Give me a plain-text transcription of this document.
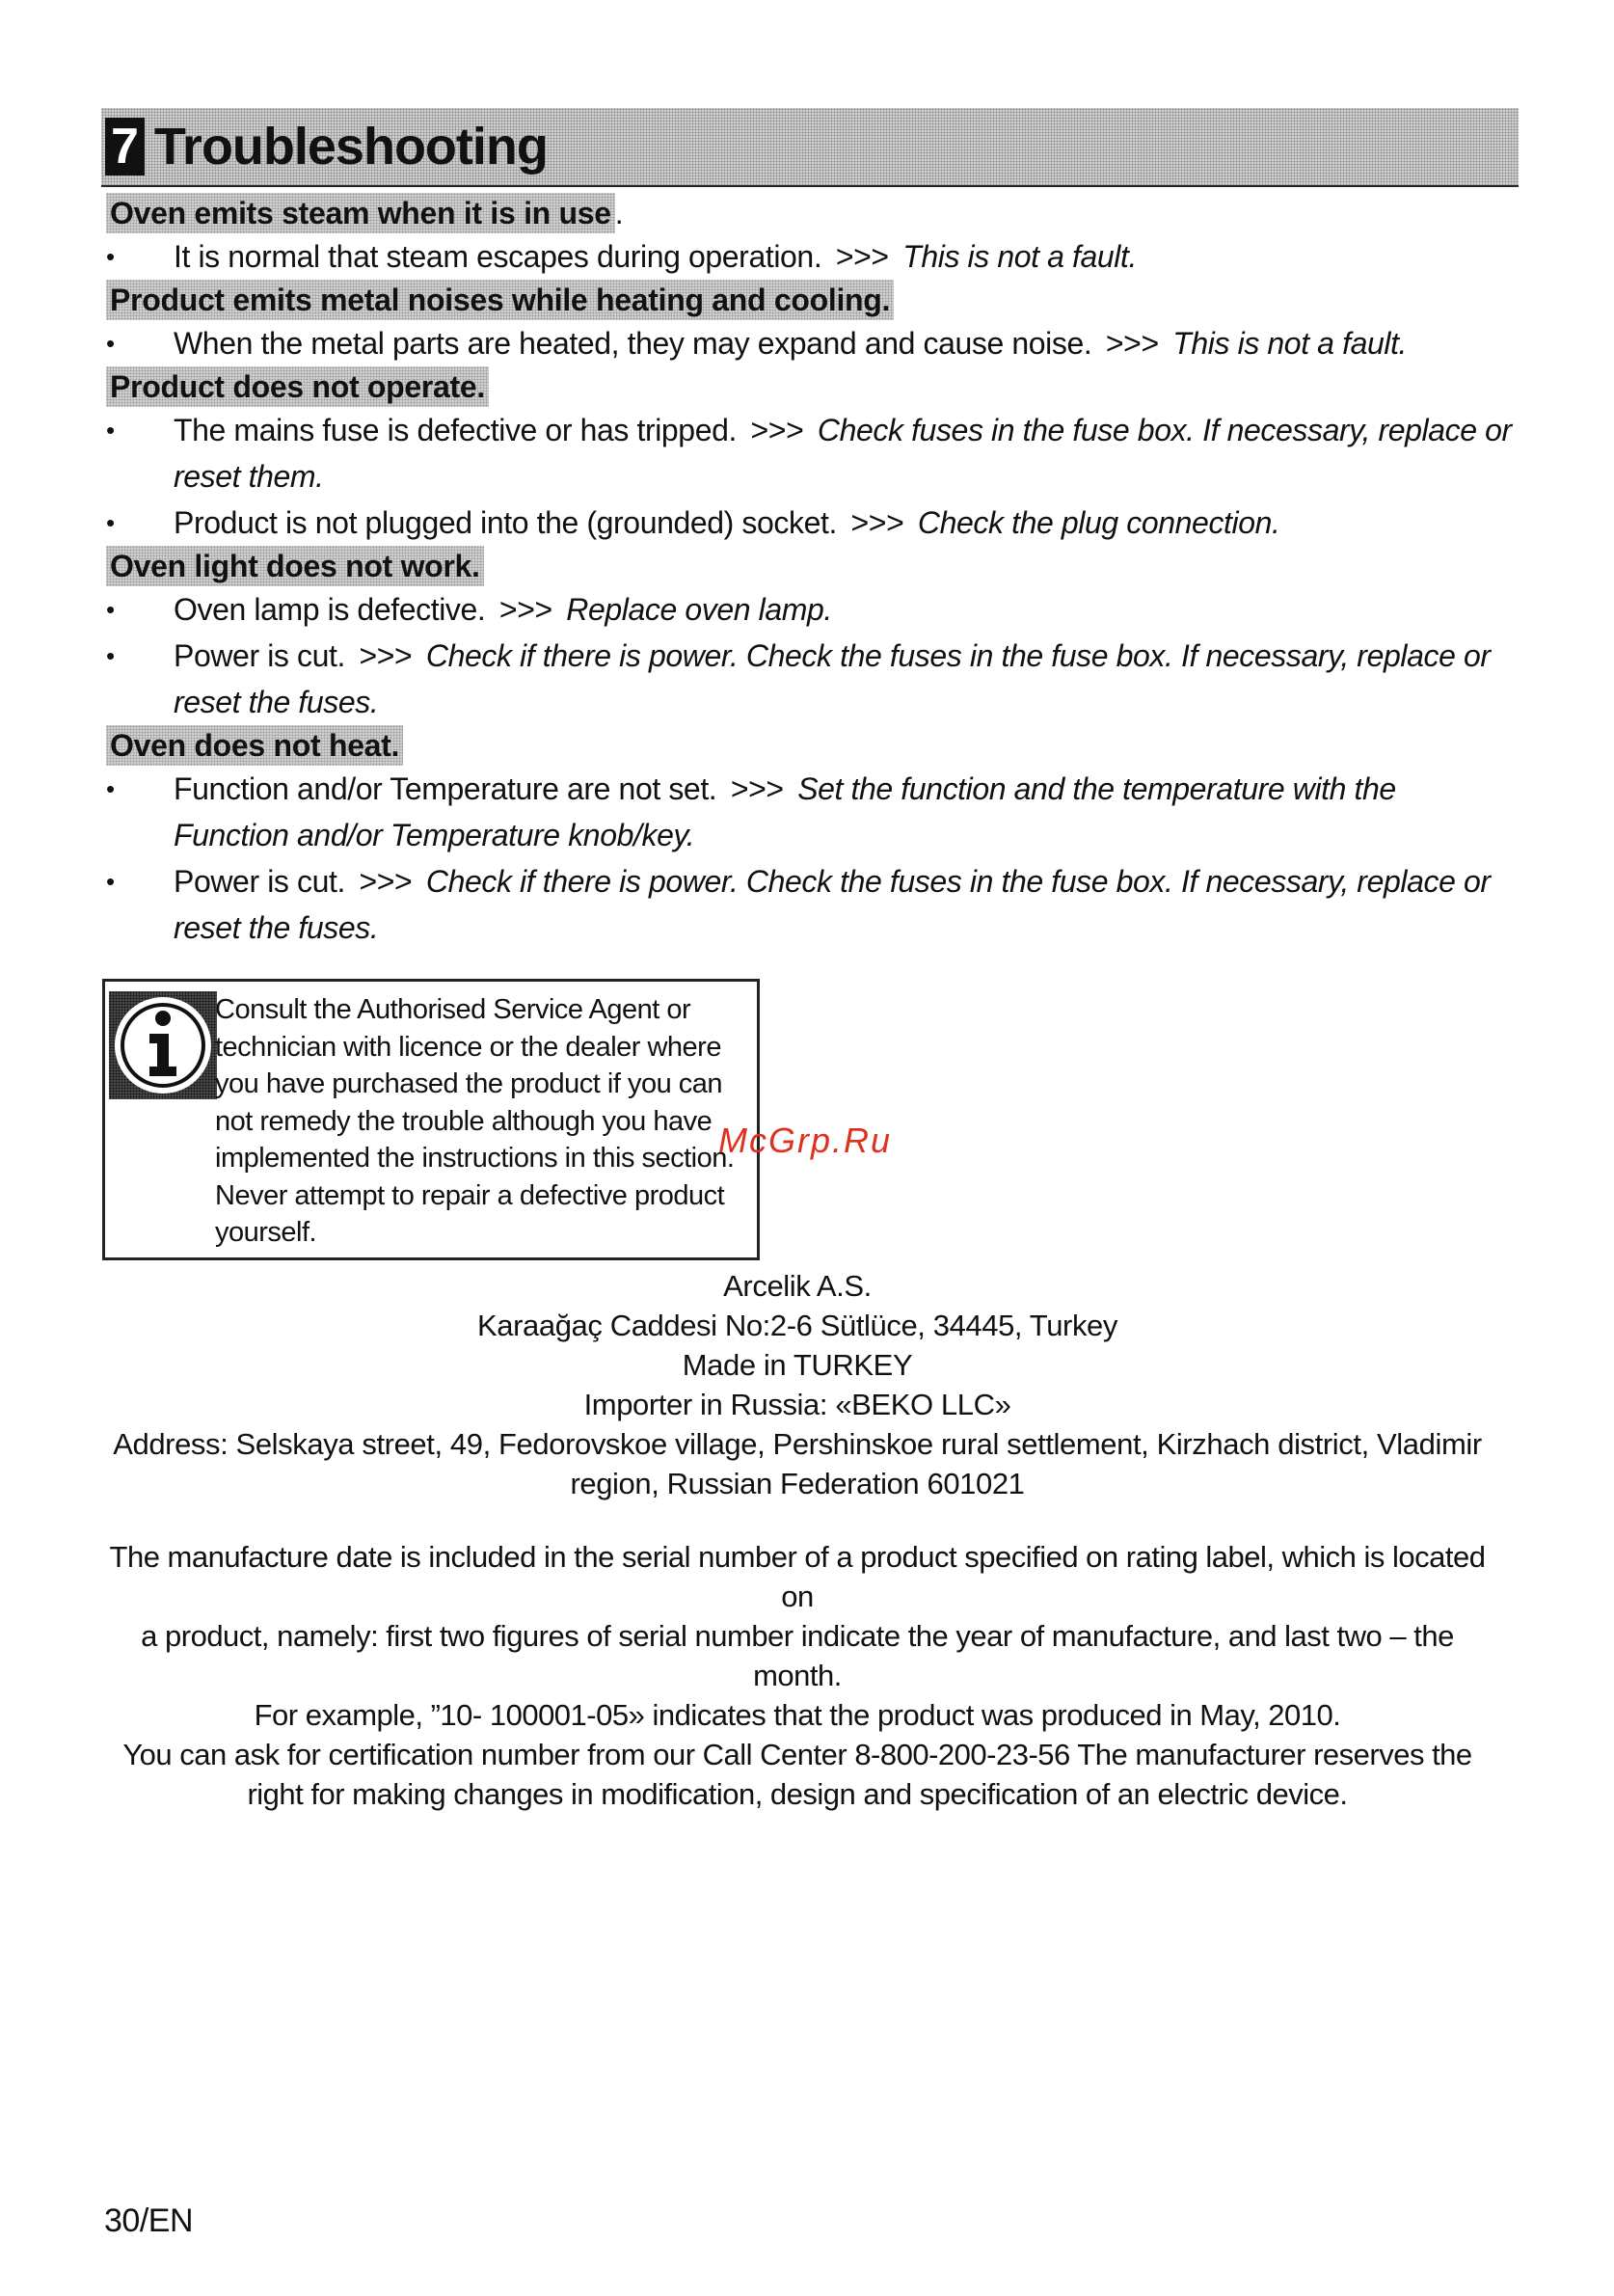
7 Troubleshooting
Oven emits steam when it is in use .
• It is normal that steam escapes during operation. >>> This is not a fault.
Product emits metal noises while heating and cooling.
• When the metal parts are heated, they may expand and cause noise. >>> This is not a fault.
Product does not operate.
• The mains fuse is defective or has tripped. >>> Check fuses in the fuse box. If necessary, replace or reset them.
• Product is not plugged into the (grounded) socket. >>> Check the plug connection.
Oven light does not work.
• Oven lamp is defective. >>> Replace oven lamp.
• Power is cut. >>> Check if there is power. Check the fuses in the fuse box. If necessary, replace or reset the fuses.
Oven does not heat.
• Function and/or Temperature are not set. >>> Set the function and the temperature with the Function and/or Temperature knob/key.
• Power is cut. >>> Check if there is power. Check the fuses in the fuse box. If necessary, replace or reset the fuses.
Consult the Authorised Service Agent or technician with licence or the dealer where you have purchased the product if you can not remedy the trouble although you have implemented the instructions in this section. Never attempt to repair a defective product yourself.
McGrp.Ru
Arcelik A.S.
Karaağaç Caddesi No:2-6 Sütlüce, 34445, Turkey
Made in TURKEY
Importer in Russia: «BEKO LLC»
Address: Selskaya street, 49, Fedorovskoe village, Pershinskoe rural settlement, Kirzhach district, Vladimir
region, Russian Federation 601021
The manufacture date is included in the serial number of a product specified on rating label, which is located on
a product, namely: first two figures of serial number indicate the year of manufacture, and last two – the month.
For example, ”10- 100001-05» indicates that the product was produced in May, 2010.
You can ask for certification number from our Call Center 8-800-200-23-56 The manufacturer reserves the
right for making changes in modification, design and specification of an electric device.
30/EN
